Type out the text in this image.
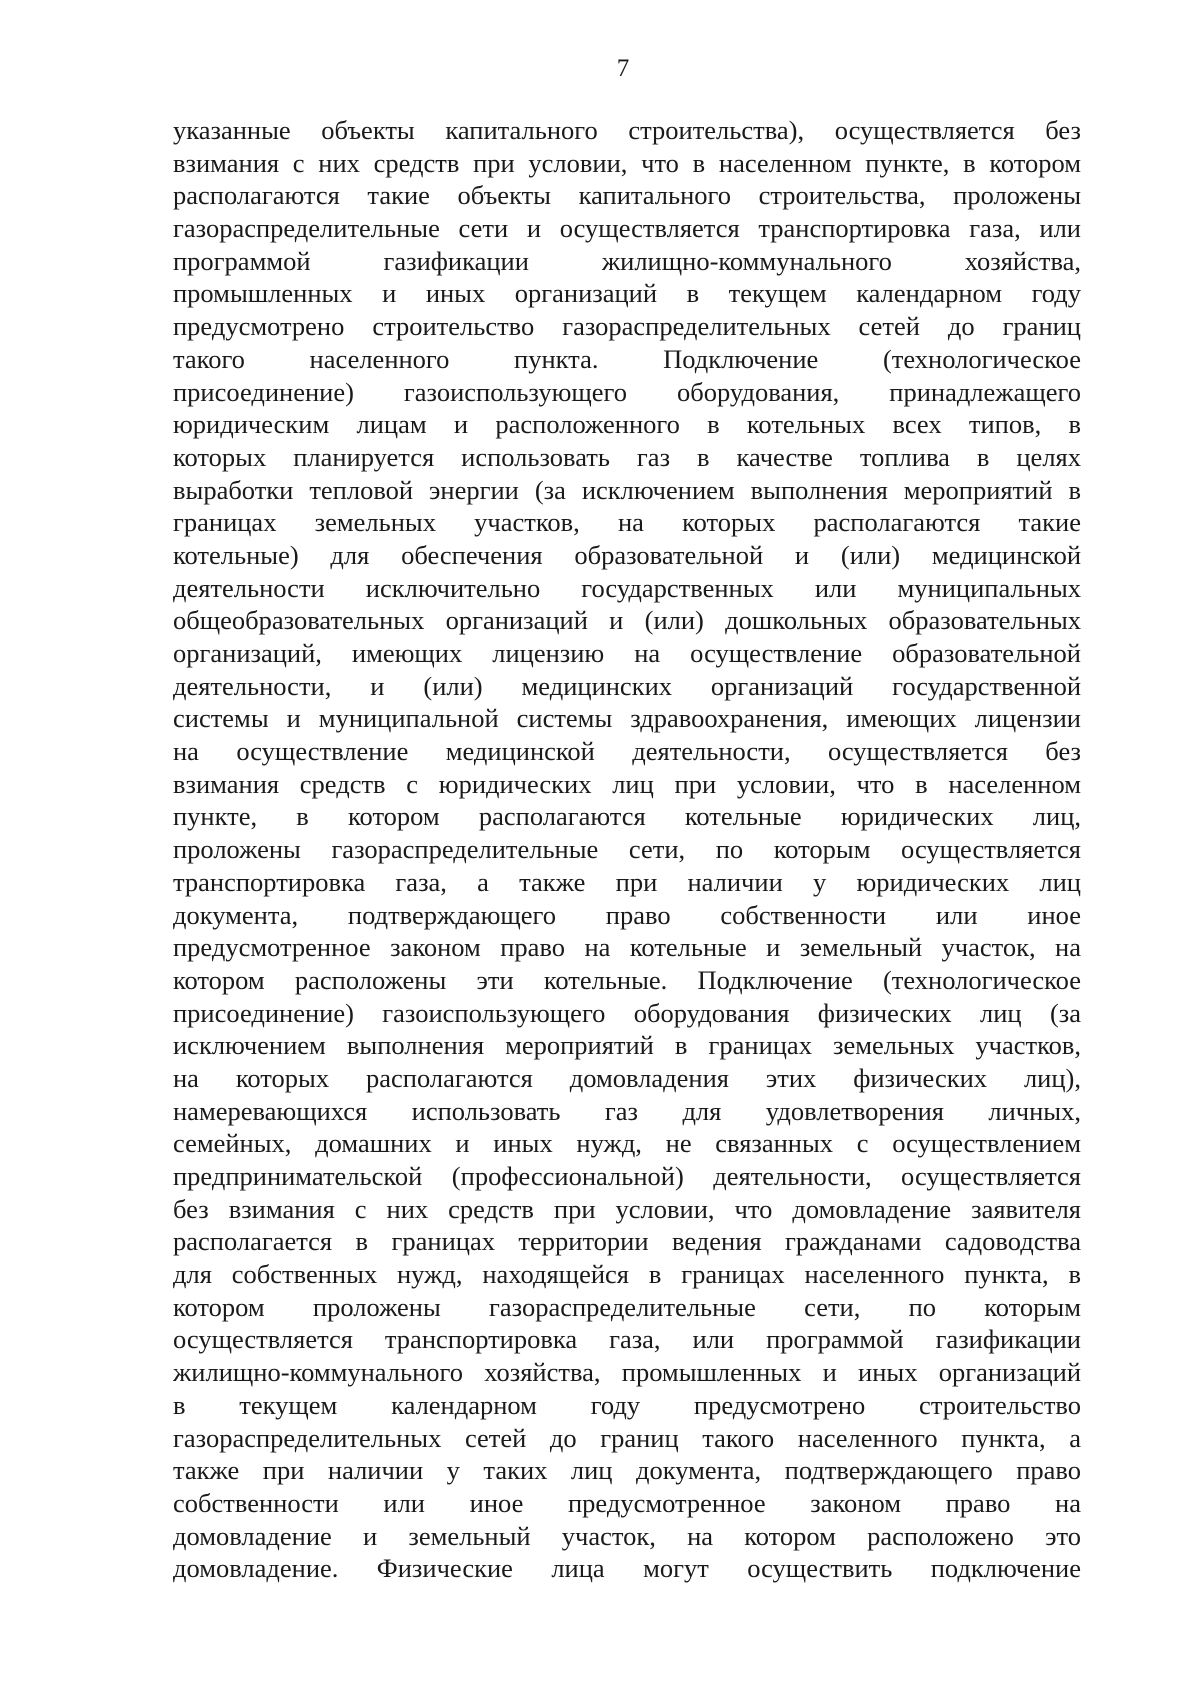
7
указанные объекты капитального строительства), осуществляется без
взимания с них средств при условии, что в населенном пункте, в котором
располагаются такие объекты капитального строительства, проложены
газораспределительные сети и осуществляется транспортировка газа, или
программой газификации жилищно-коммунального хозяйства,
промышленных и иных организаций в текущем календарном году
предусмотрено строительство газораспределительных сетей до границ
такого населенного пункта. Подключение (технологическое
присоединение) газоиспользующего оборудования, принадлежащего
юридическим лицам и расположенного в котельных всех типов, в
которых планируется использовать газ в качестве топлива в целях
выработки тепловой энергии (за исключением выполнения мероприятий в
границах земельных участков, на которых располагаются такие
котельные) для обеспечения образовательной и (или) медицинской
деятельности исключительно государственных или муниципальных
общеобразовательных организаций и (или) дошкольных образовательных
организаций, имеющих лицензию на осуществление образовательной
деятельности, и (или) медицинских организаций государственной
системы и муниципальной системы здравоохранения, имеющих лицензии
на осуществление медицинской деятельности, осуществляется без
взимания средств с юридических лиц при условии, что в населенном
пункте, в котором располагаются котельные юридических лиц,
проложены газораспределительные сети, по которым осуществляется
транспортировка газа, а также при наличии у юридических лиц
документа, подтверждающего право собственности или иное
предусмотренное законом право на котельные и земельный участок, на
котором расположены эти котельные. Подключение (технологическое
присоединение) газоиспользующего оборудования физических лиц (за
исключением выполнения мероприятий в границах земельных участков,
на которых располагаются домовладения этих физических лиц),
намеревающихся использовать газ для удовлетворения личных,
семейных, домашних и иных нужд, не связанных с осуществлением
предпринимательской (профессиональной) деятельности, осуществляется
без взимания с них средств при условии, что домовладение заявителя
располагается в границах территории ведения гражданами садоводства
для собственных нужд, находящейся в границах населенного пункта, в
котором проложены газораспределительные сети, по которым
осуществляется транспортировка газа, или программой газификации
жилищно-коммунального хозяйства, промышленных и иных организаций
в текущем календарном году предусмотрено строительство
газораспределительных сетей до границ такого населенного пункта, а
также при наличии у таких лиц документа, подтверждающего право
собственности или иное предусмотренное законом право на
домовладение и земельный участок, на котором расположено это
домовладение. Физические лица могут осуществить подключение
